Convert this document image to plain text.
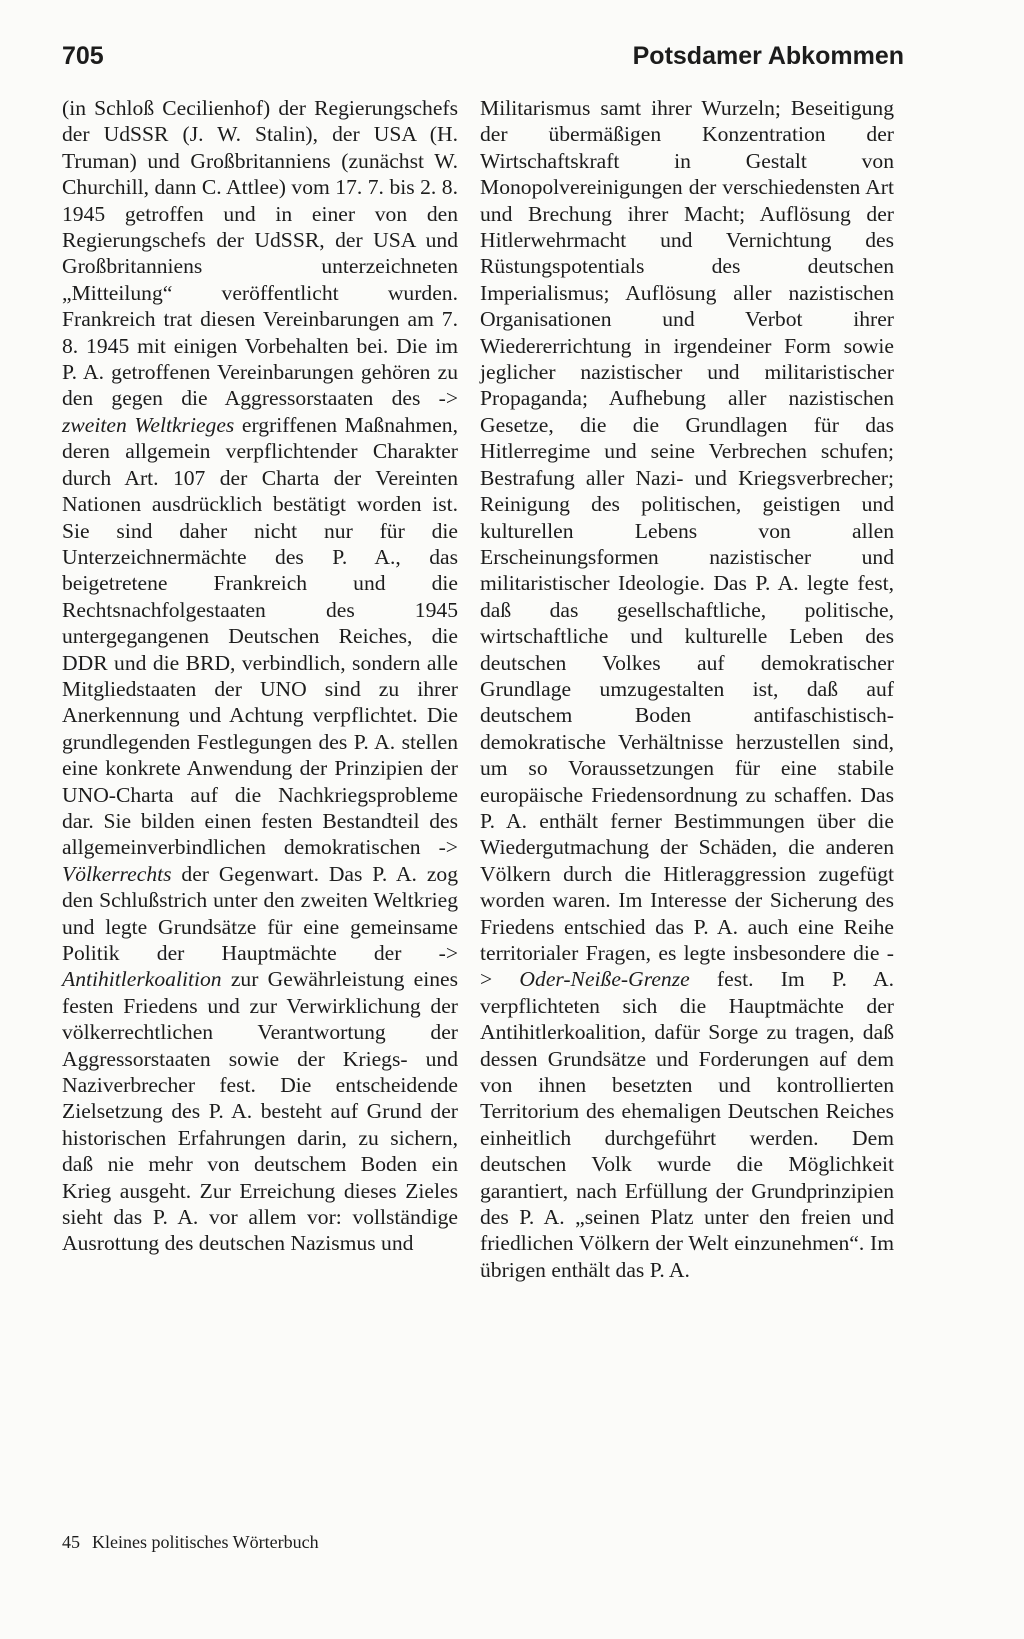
705	Potsdamer Abkommen

(in Schloß Cecilienhof) der Regierungschefs der UdSSR (J. W. Stalin), der USA (H. Truman) und Großbritanniens (zunächst W. Churchill, dann C. Attlee) vom 17. 7. bis 2. 8. 1945 getroffen und in einer von den Regierungschefs der UdSSR, der USA und Großbritanniens unterzeichneten „Mitteilung“ veröffentlicht wurden. Frankreich trat diesen Vereinbarungen am 7. 8. 1945 mit einigen Vorbehalten bei. Die im P. A. getroffenen Vereinbarungen gehören zu den gegen die Aggressorstaaten des -> zweiten Weltkrieges ergriffenen Maßnahmen, deren allgemein verpflichtender Charakter durch Art. 107 der Charta der Vereinten Nationen ausdrücklich bestätigt worden ist. Sie sind daher nicht nur für die Unterzeichnermächte des P. A., das beigetretene Frankreich und die Rechtsnachfolgestaaten des 1945 untergegangenen Deutschen Reiches, die DDR und die BRD, verbindlich, sondern alle Mitgliedstaaten der UNO sind zu ihrer Anerkennung und Achtung verpflichtet. Die grundlegenden Festlegungen des P. A. stellen eine konkrete Anwendung der Prinzipien der UNO-Charta auf die Nachkriegsprobleme dar. Sie bilden einen festen Bestandteil des allgemeinverbindlichen demokratischen -> Völkerrechts der Gegenwart. Das P. A. zog den Schlußstrich unter den zweiten Weltkrieg und legte Grundsätze für eine gemeinsame Politik der Hauptmächte der -> Antihitlerkoalition zur Gewährleistung eines festen Friedens und zur Verwirklichung der völkerrechtlichen Verantwortung der Aggressorstaaten sowie der Kriegs- und Naziverbrecher fest. Die entscheidende Zielsetzung des P. A. besteht auf Grund der historischen Erfahrungen darin, zu sichern, daß nie mehr von deutschem Boden ein Krieg ausgeht. Zur Erreichung dieses Zieles sieht das P. A. vor allem vor: vollständige Ausrottung des deutschen Nazismus und

Militarismus samt ihrer Wurzeln; Beseitigung der übermäßigen Konzentration der Wirtschaftskraft in Gestalt von Monopolvereinigungen der verschiedensten Art und Brechung ihrer Macht; Auflösung der Hitlerwehrmacht und Vernichtung des Rüstungspotentials des deutschen Imperialismus; Auflösung aller nazistischen Organisationen und Verbot ihrer Wiedererrichtung in irgendeiner Form sowie jeglicher nazistischer und militaristischer Propaganda; Aufhebung aller nazistischen Gesetze, die die Grundlagen für das Hitlerregime und seine Verbrechen schufen; Bestrafung aller Nazi- und Kriegsverbrecher; Reinigung des politischen, geistigen und kulturellen Lebens von allen Erscheinungsformen nazistischer und militaristischer Ideologie. Das P. A. legte fest, daß das gesellschaftliche, politische, wirtschaftliche und kulturelle Leben des deutschen Volkes auf demokratischer Grundlage umzugestalten ist, daß auf deutschem Boden antifaschistisch-demokratische Verhältnisse herzustellen sind, um so Voraussetzungen für eine stabile europäische Friedensordnung zu schaffen. Das P. A. enthält ferner Bestimmungen über die Wiedergutmachung der Schäden, die anderen Völkern durch die Hitleraggression zugefügt worden waren. Im Interesse der Sicherung des Friedens entschied das P. A. auch eine Reihe territorialer Fragen, es legte insbesondere die -> Oder-Neiße-Grenze fest. Im P. A. verpflichteten sich die Hauptmächte der Antihitlerkoalition, dafür Sorge zu tragen, daß dessen Grundsätze und Forderungen auf dem von ihnen besetzten und kontrollierten Territorium des ehemaligen Deutschen Reiches einheitlich durchgeführt werden. Dem deutschen Volk wurde die Möglichkeit garantiert, nach Erfüllung der Grundprinzipien des P. A. „seinen Platz unter den freien und friedlichen Völkern der Welt einzunehmen“. Im übrigen enthält das P. A.

45 Kleines politisches Wörterbuch
